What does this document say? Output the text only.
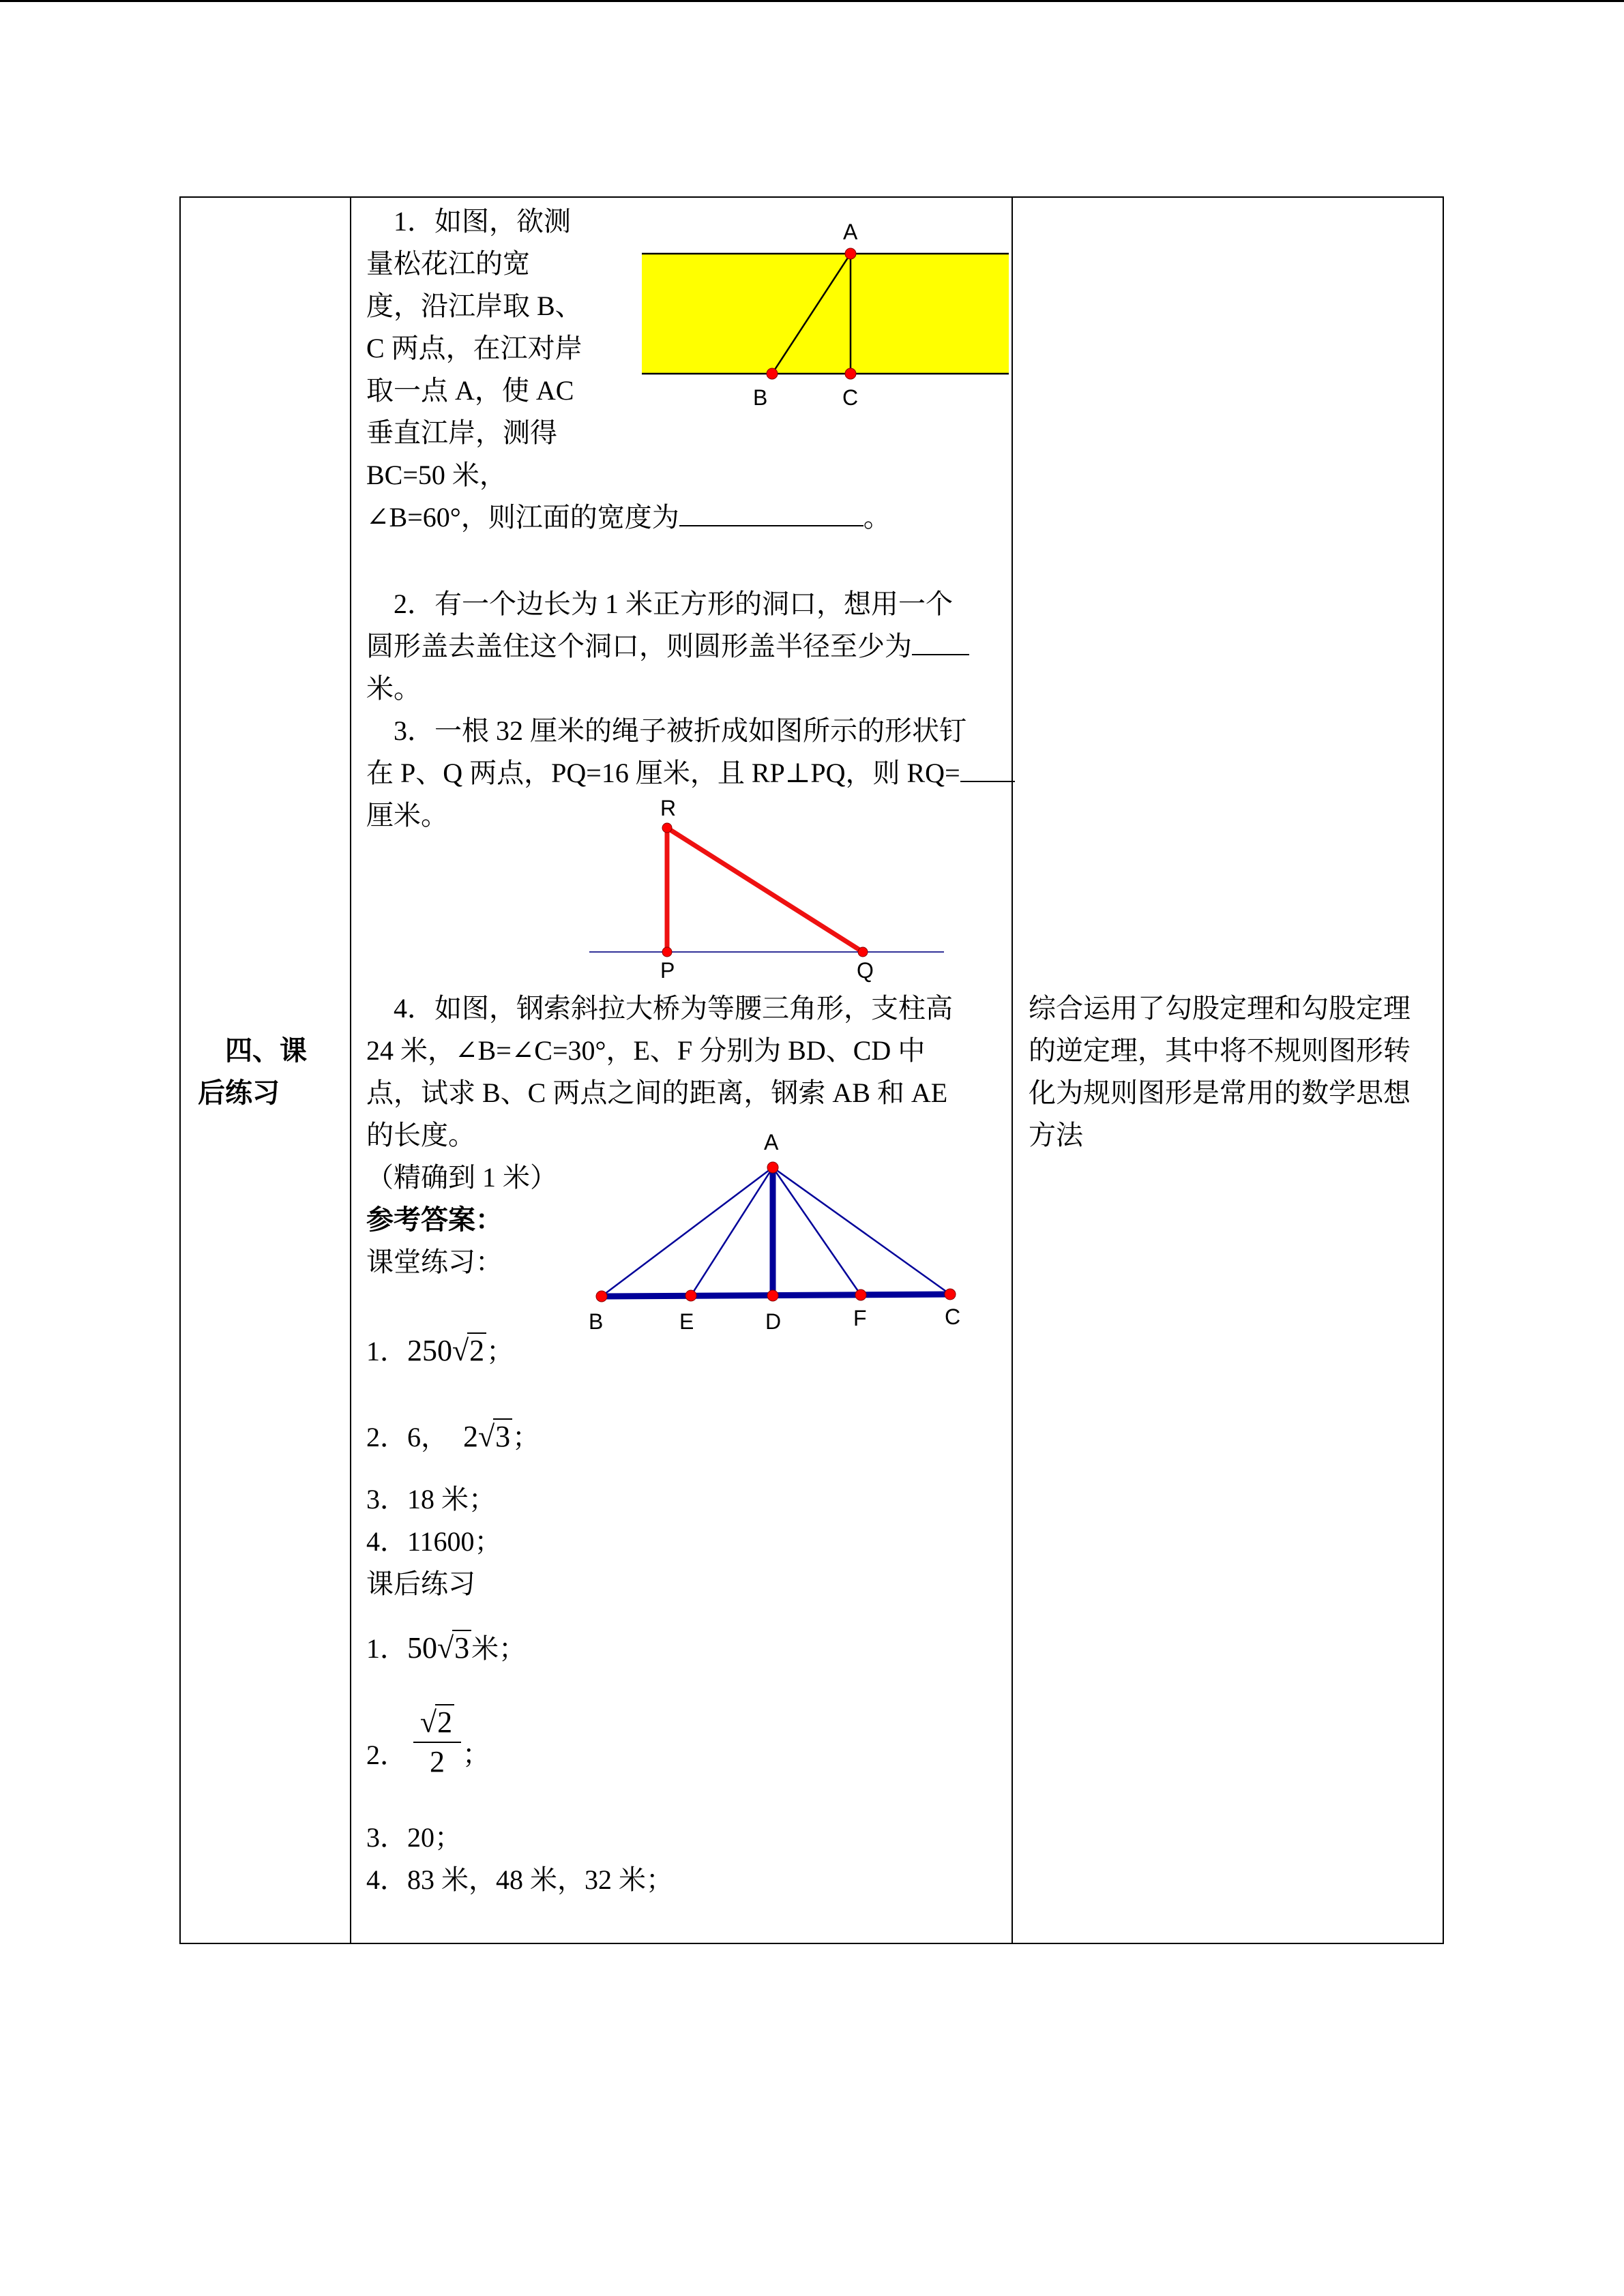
四、课
后练习
1．如图，欲测
量松花江的宽
度，沿江岸取 B、
C 两点，在江对岸
取一点 A，使 AC
垂直江岸，测得
BC=50 米，
∠B=60°，则江面的宽度为	。
A
B	C
2．有一个边长为 1 米正方形的洞口，想用一个
圆形盖去盖住这个洞口，则圆形盖半径至少为
米。
3．一根 32 厘米的绳子被折成如图所示的形状钉
在 P、Q 两点，PQ=16 厘米，且 RP⊥PQ，则 RQ=
厘米。	R
P	Q
4．如图，钢索斜拉大桥为等腰三角形，支柱高
24 米，∠B=∠C=30°，E、F 分别为 BD、CD 中
点，试求 B、C 两点之间的距离，钢索 AB 和 AE
的长度。
（精确到 1 米）
参考答案：
课堂练习：
A
B	E	D	F	C
1．250√2；
2．6， 2√3；
3．18 米；
4．11600；
课后练习
1．50√3米；
2． $\frac{√2}{2}$ ；
3．20；
4．83 米，48 米，32 米；
综合运用了勾股定理和勾股定理的逆定理，其中将不规则图形转化为规则图形是常用的数学思想方法
